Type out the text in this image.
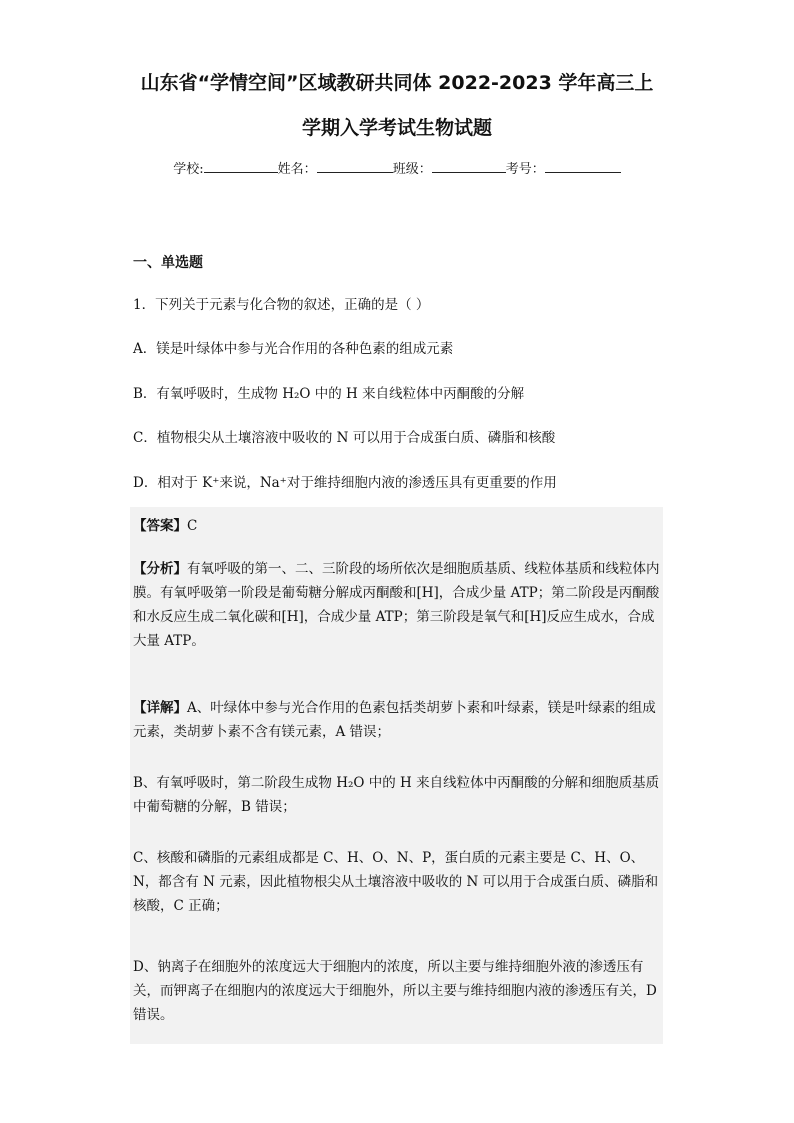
山东省“学情空间”区域教研共同体 2022-2023 学年高三上
学期入学考试生物试题
学校:	姓名：	班级：	考号：
一、单选题
1．下列关于元素与化合物的叙述，正确的是（ ）
A．镁是叶绿体中参与光合作用的各种色素的组成元素
B．有氧呼吸时，生成物 H₂O 中的 H 来自线粒体中丙酮酸的分解
C．植物根尖从土壤溶液中吸收的 N 可以用于合成蛋白质、磷脂和核酸
D．相对于 K⁺来说，Na⁺对于维持细胞内液的渗透压具有更重要的作用
【答案】C
【分析】有氧呼吸的第一、二、三阶段的场所依次是细胞质基质、线粒体基质和线粒体内膜。有氧呼吸第一阶段是葡萄糖分解成丙酮酸和[H]，合成少量 ATP；第二阶段是丙酮酸和水反应生成二氧化碳和[H]，合成少量 ATP；第三阶段是氧气和[H]反应生成水，合成大量 ATP。
【详解】A、叶绿体中参与光合作用的色素包括类胡萝卜素和叶绿素，镁是叶绿素的组成元素，类胡萝卜素不含有镁元素，A 错误；
B、有氧呼吸时，第二阶段生成物 H₂O 中的 H 来自线粒体中丙酮酸的分解和细胞质基质中葡萄糖的分解，B 错误；
C、核酸和磷脂的元素组成都是 C、H、O、N、P，蛋白质的元素主要是 C、H、O、N，都含有 N 元素，因此植物根尖从土壤溶液中吸收的 N 可以用于合成蛋白质、磷脂和核酸，C 正确；
D、钠离子在细胞外的浓度远大于细胞内的浓度，所以主要与维持细胞外液的渗透压有关，而钾离子在细胞内的浓度远大于细胞外，所以主要与维持细胞内液的渗透压有关，D 错误。
